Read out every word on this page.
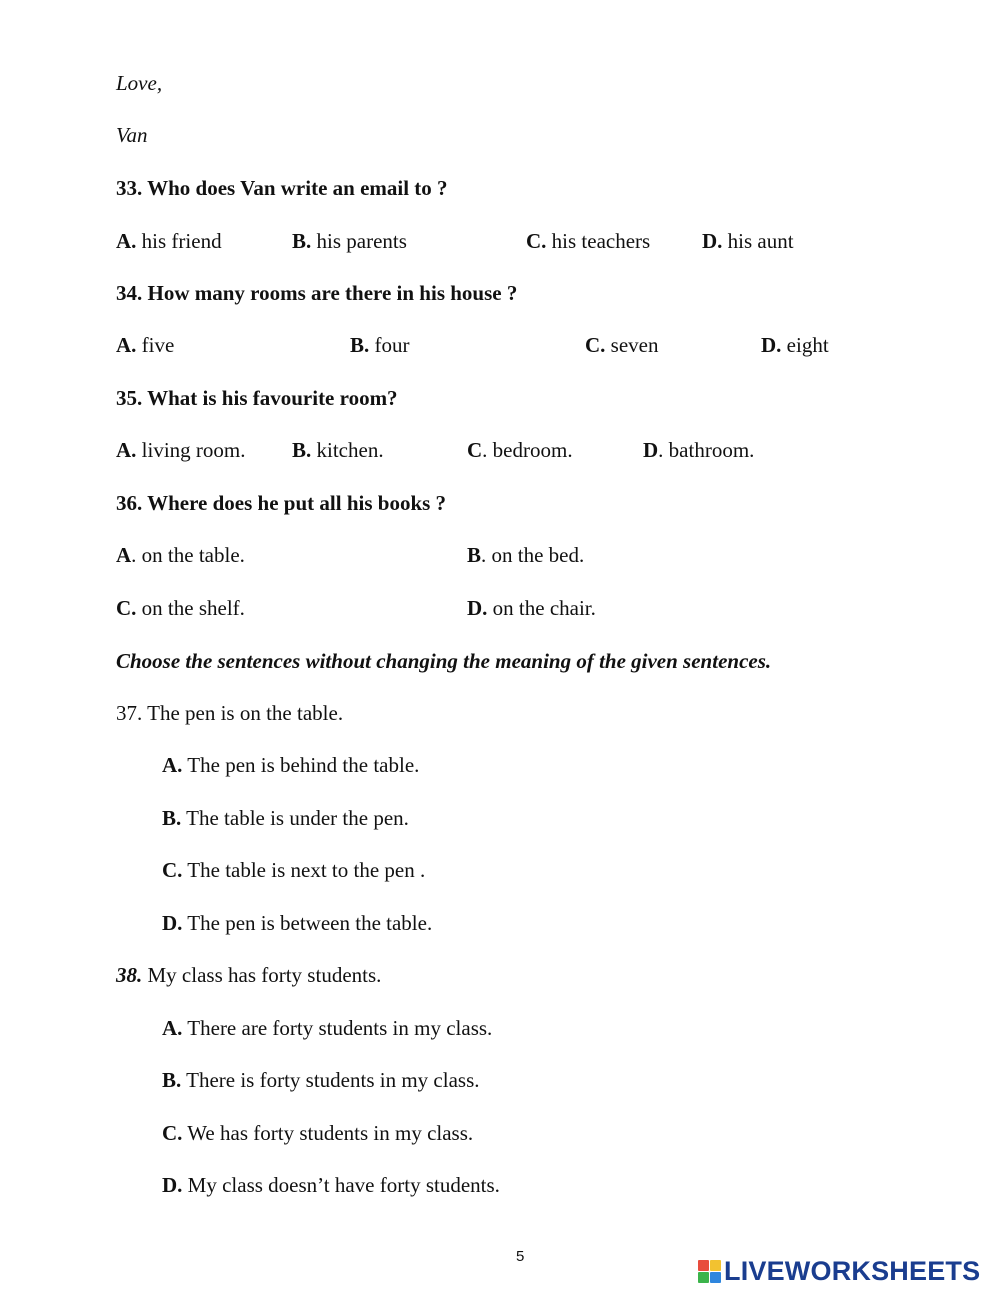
Love,
Van
33. Who does Van write an email to ?
A. his friend	B. his parents	C. his teachers D. his aunt
34. How many rooms are there in his house ?
A. five	B. four	C. seven	D. eight
35. What is his favourite room?
A. living room. B. kitchen.	C. bedroom.	D. bathroom.
36. Where does he put all his books ?
A. on the table.	B. on the bed.
C. on the shelf.	D. on the chair.
Choose the sentences without changing the meaning of the given sentences.
37. The pen is on the table.
A. The pen is behind the table.
B. The table is under the pen.
C. The table is next to the pen .
D. The pen is between the table.
38. My class has forty students.
A. There are forty students in my class.
B. There is forty students in my class.
C. We has forty students in my class.
D. My class doesn’t have forty students.
5	LIVEWORKSHEETS
